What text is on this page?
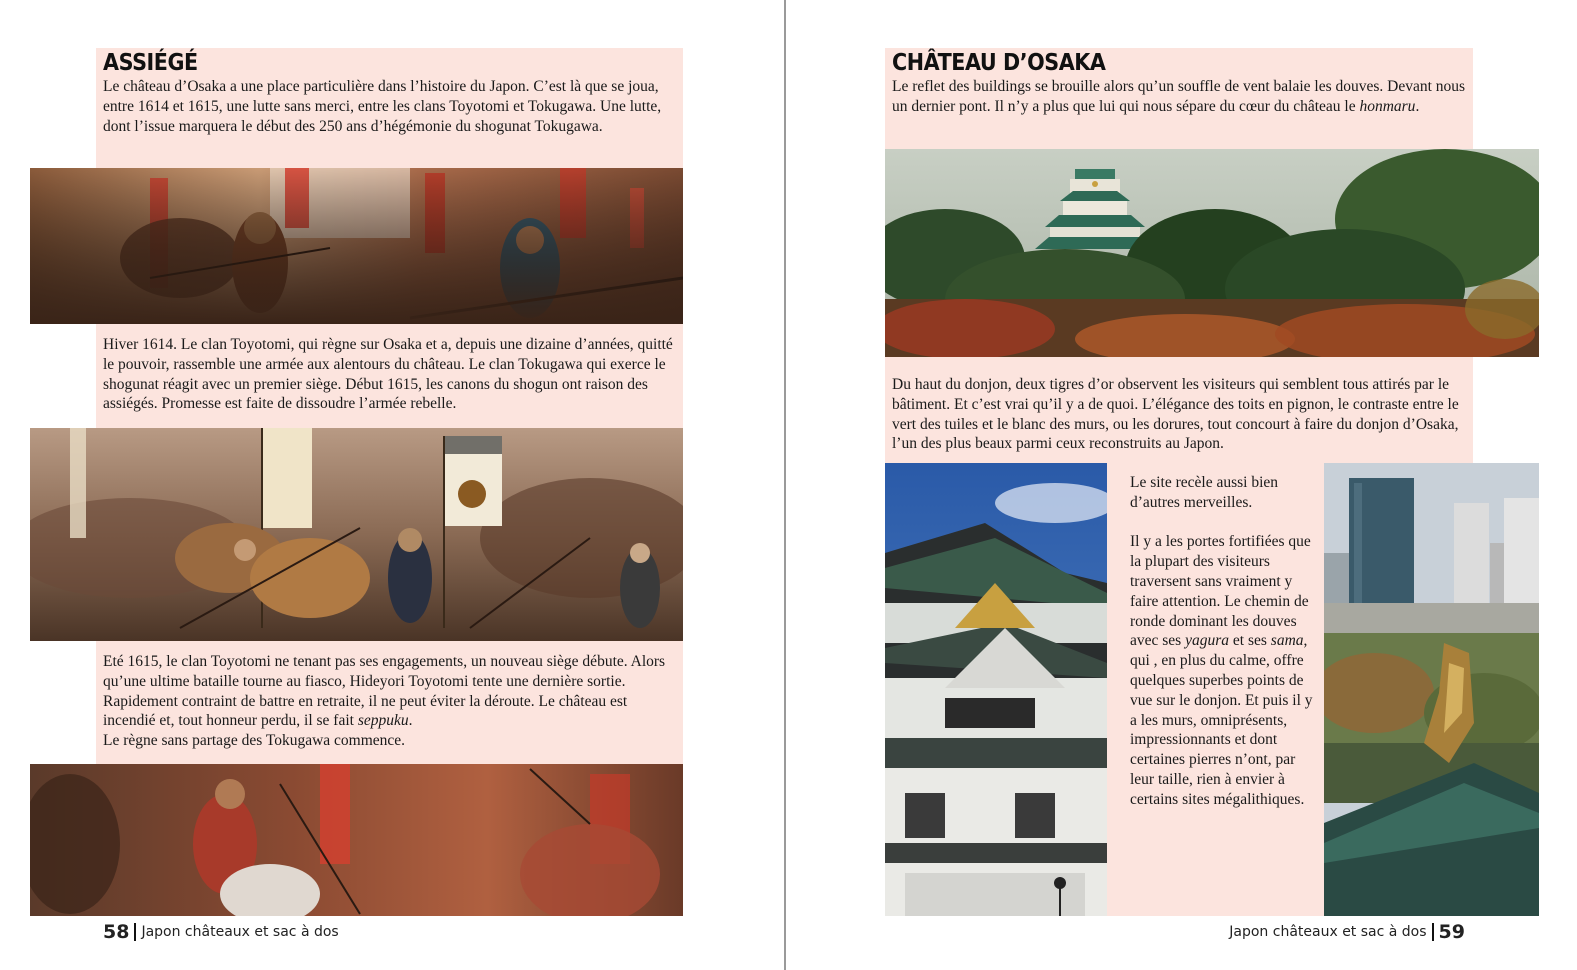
ASSIÉGÉ

Le château d’Osaka a une place particulière dans l’histoire du Japon. C’est là que se joua, entre 1614 et 1615, une lutte sans merci, entre les clans Toyotomi et Tokugawa. Une lutte, dont l’issue marquera le début des 250 ans d’hégémonie du shogunat Tokugawa.

Hiver 1614. Le clan Toyotomi, qui règne sur Osaka et a, depuis une dizaine d’années, quitté le pouvoir, rassemble une armée aux alentours du château. Le clan Tokugawa qui exerce le shogunat réagit avec un premier siège. Début 1615, les canons du shogun ont raison des assiégés. Promesse est faite de dissoudre l’armée rebelle.

Eté 1615, le clan Toyotomi ne tenant pas ses engagements, un nouveau siège débute. Alors qu’une ultime bataille tourne au fiasco, Hideyori Toyotomi tente une dernière sortie. Rapidement contraint de battre en retraite, il ne peut éviter la déroute. Le château est incendié et, tout honneur perdu, il se fait seppuku.

Le règne sans partage des Tokugawa commence.

58 Japon châteaux et sac à dos
CHÂTEAU D’OSAKA

Le reflet des buildings se brouille alors qu’un souffle de vent balaie les douves. Devant nous un dernier pont. Il n’y a plus que lui qui nous sépare du cœur du château le honmaru.

Du haut du donjon, deux tigres d’or observent les visiteurs qui semblent tous attirés par le bâtiment. Et c’est vrai qu’il y a de quoi. L’élégance des toits en pignon, le contraste entre le vert des tuiles et le blanc des murs, ou les dorures, tout concourt à faire du donjon d’Osaka, l’un des plus beaux parmi ceux reconstruits au Japon.

Le site recèle aussi bien d’autres merveilles.

Il y a les portes fortifiées que la plupart des visiteurs traversent sans vraiment y faire attention. Le chemin de ronde dominant les douves avec ses yagura et ses sama, qui , en plus du calme, offre quelques superbes points de vue sur le donjon. Et puis il y a les murs, omniprésents, impressionnants et dont certaines pierres n’ont, par leur taille, rien à envier à certains sites mégalithiques.

Japon châteaux et sac à dos 59
